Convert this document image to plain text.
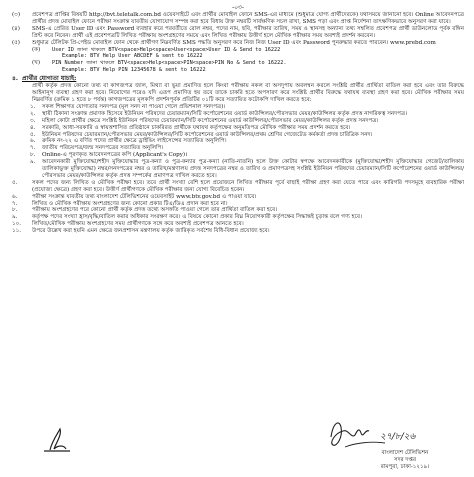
-০৩-
(৩)	প্রবেশপত্র প্রাপ্তির বিষয়টি http://bvt.teletalk.com.bd ওয়েবসাইটে এবং প্রার্থীর মোবাইল ফোনে SMS-এর মাধ্যমে (শুধুমাত্র যোগ্য প্রার্থীদেরকে) যথাসময়ে জানানো হবে। Online আবেদনপত্রে প্রার্থীর প্রদত্ত মোবাইল ফোনে পরীক্ষা সংক্রান্ত যাবতীয় যোগাযোগ সম্পন্ন করা হবে বিধায় উক্ত নম্বরটি সার্বক্ষণিক সচল রাখা, SMS পড়া এবং প্রাপ্ত নির্দেশনা তাৎক্ষণিকভাবে অনুসরণ করা যাবে।
(৪)	SMS-এ প্রেরিত User ID এবং Password ব্যবহার করে পরবর্তীতে রোল নম্বর, পদের নাম, ছবি, পরীক্ষার তারিখ, সময় ও স্থানসহ অন্যান্য তথ্য সম্বলিত প্রবেশপত্র প্রার্থী ডাউনলোড পূর্বক রঙ্গিন প্রিন্ট করে নিবেন। প্রার্থী এই প্রবেশপত্রটি লিখিত পরীক্ষায় অংশগ্রহণের সময়ে এবং লিখিত পরীক্ষায় উত্তীর্ণ হলে মৌখিক পরীক্ষার সময় অবশ্যই প্রদর্শন করবেন।
(৫)	শুধুমাত্র টেলিটক প্রি-পেইড মোবাইল ফোন থেকে প্রার্থীগণ নিম্নবর্ণিত SMS পদ্ধতি অনুসরণ করে নিজ নিজ User ID এবং Password পুনরুদ্ধার করতে পারবেন। www.prebd.com
(ক)	User ID জানা থাকলে BTV<space>Help<space>User<space>User ID & Send to 16222
Example: BTV Help User ABCDEF & sent to 16222
(খ)	PIN Number জানা থাকলে BTV<space>Help<space>PIN<space>PIN No & Send to 16222.
Example: BTV Help PIN 12345678 & sent to 16222
৪. প্রার্থীর যোগ্যতা যাচাই:
প্রার্থী কর্তৃক প্রদত্ত কোনো তথ্য বা কাগজপত্র জাল, মিথ্যা বা ভুয়া প্রমাণিত হলে কিংবা পরীক্ষায় নকল বা অসদুপায় অবলম্বন করলে সংশ্লিষ্ট প্রার্থীর প্রার্থিতা বাতিল করা হবে এবং তার বিরুদ্ধে আইনানুগ ব্যবস্থা গ্রহণ করা হবে। নিয়োগের পরেও যদি এরূপ প্রমাণিত হয় তবে তাকে চাকরি হতে অপসারণ করে সংশ্লিষ্ট প্রার্থীর বিরুদ্ধে যথাযথ ব্যবস্থা গ্রহণ করা হবে। মৌখিক পরীক্ষার সময় নিম্নবর্ণিত (ক্রমিক ১ হতে ৮ পর্যন্ত) কাগজপত্রের মূলকপি প্রদর্শনপূর্বক প্রতিটির ০১টি করে সত্যায়িত ফটোকপি দাখিল করতে হবে:
১.	সকল শিক্ষাগত যোগ্যতার সনদপত্র (মূল সনদ না পাওয়া গেলে প্রভিশনাল সনদপত্র)।
২.	স্থায়ী ঠিকানা সংক্রান্ত প্রমাণক হিসেবে ইউনিয়ন পরিষদের চেয়ারম্যান/সিটি কর্পোরেশনের ওয়ার্ড কাউন্সিলর/পৌরসভার মেয়র/কাউন্সিলর কর্তৃক প্রদত্ত নাগরিকত্ব সনদপত্র।
৩.	মহিলা কোটা প্রার্থীর ক্ষেত্রে সংশ্লিষ্ট ইউনিয়ন পরিষদের চেয়ারম্যান/সিটি কর্পোরেশনের ওয়ার্ড কাউন্সিলর/পৌরসভার মেয়র/কাউন্সিলর কর্তৃক প্রদত্ত সনদপত্র।
৪.	সরকারি, আধা-সরকারি ও স্বায়ত্তশাসিত প্রতিষ্ঠানে চাকরিরত প্রার্থীকে যথাযথ কর্তৃপক্ষের অনুমতিপত্র মৌখিক পরীক্ষার সময় প্রদর্শন করতে হবে।
৫.	ইউনিয়ন পরিষদের চেয়ারম্যান/পৌরসভার মেয়র/কাউন্সিলর/সিটি কর্পোরেশনের ওয়ার্ড কাউন্সিলর/প্রথম শ্রেণির গেজেটেড কর্মকর্তা প্রদত্ত চারিত্রিক সনদ।
৬.	ক্রমিক নং-২২ এ বর্ণিত পদের প্রার্থীর ক্ষেত্রে ড্রাইভিং লাইসেন্সের সত্যায়িত অনুলিপি।
৭.	জাতীয় পরিচয়পত্র/জন্ম সনদপত্রের সত্যায়িত অনুলিপি।
৮.	Online-এ পূরণকৃত আবেদনপত্রের কপি (Applicant's Copy)।
৯.	আবেদনকারী মুক্তিযোদ্ধা/শহীদ মুক্তিযোদ্ধার পুত্র-কন্যা ও পুত্র-কন্যার পুত্র-কন্যা (নাতি-নাতনি) হলে উক্ত কোটার স্বপক্ষে আবেদনকারীকে (মুক্তিযোদ্ধা/শহীদ মুক্তিযোদ্ধার গেজেট/তালিকায় তালিকাভুক্ত মুক্তিযোদ্ধা) নম্বর/সনদপত্রের নম্বর ও তারিখ/মন্ত্রণালয় প্রদত্ত সনদপত্রের নম্বর ও তারিখ ও প্রমাণপত্রসহ সংশ্লিষ্ট ইউনিয়ন পরিষদের চেয়ারম্যান/সিটি কর্পোরেশনের ওয়ার্ড কাউন্সিলর/পৌরসভার মেয়র/কাউন্সিলর কর্তৃক প্রদত্ত সম্পর্কের প্রমাণপত্র দাখিল করতে হবে।
৫.	সকল পদের জন্য লিখিত ও মৌখিক পরীক্ষা হবে। তবে প্রার্থী সংখ্যা বেশি হলে প্রয়োজনে লিখিত পরীক্ষার পূর্বে বাছাই পরীক্ষা গ্রহণ করা যেতে পারে এবং কারিগরি পদসমূহে ব্যবহারিক পরীক্ষা (প্রযোজ্য ক্ষেত্রে) গ্রহণ করা হবে। উত্তীর্ণ প্রার্থীগণকে মৌখিক পরীক্ষার জন্য যোগ্য বিবেচিত হবেন।
৬.	পরীক্ষা সংক্রান্ত যাবতীয় তথ্য বাংলাদেশ টেলিভিশনের ওয়েবসাইট www.btv.gov.bd এ পাওয়া যাবে।
৭.	লিখিত ও মৌখিক পরীক্ষায় অংশগ্রহণের জন্য কোনো প্রকার টিএ/ডিএ প্রদান করা হবে না।
৮.	পরীক্ষায় অংশগ্রহণের পরে কোনো প্রার্থী কর্তৃক প্রদত্ত তথ্যে অসঙ্গতি পাওয়া গেলে তার প্রার্থিতা বাতিল করা হবে।
৯.	কর্তৃপক্ষ পদের সংখ্যা হ্রাস/বৃদ্ধি/বাতিল করার অধিকার সংরক্ষণ করে। এ বিষয়ে কোনো প্রকার বিঘ্ন নিয়োগকারী কর্তৃপক্ষের সিদ্ধান্তই চূড়ান্ত বলে গণ্য হবে।
১০.	লিখিত/মৌখিক পরীক্ষায় অংশগ্রহণের সময় প্রার্থীগণকে সঙ্গে করে অবশ্যই প্রবেশপত্র আনতে হবে।
১১.	উপরে উল্লেখ করা হয়নি এমন ক্ষেত্রে জনপ্রশাসন মন্ত্রণালয় কর্তৃক জারিকৃত সর্বশেষ বিধি-বিধান প্রযোজ্য হবে।
২৭/৮/২৬
বাংলাদেশ টেলিভিশন
সদর দপ্তর
রামপুরা, ঢাকা-১২১৯।
